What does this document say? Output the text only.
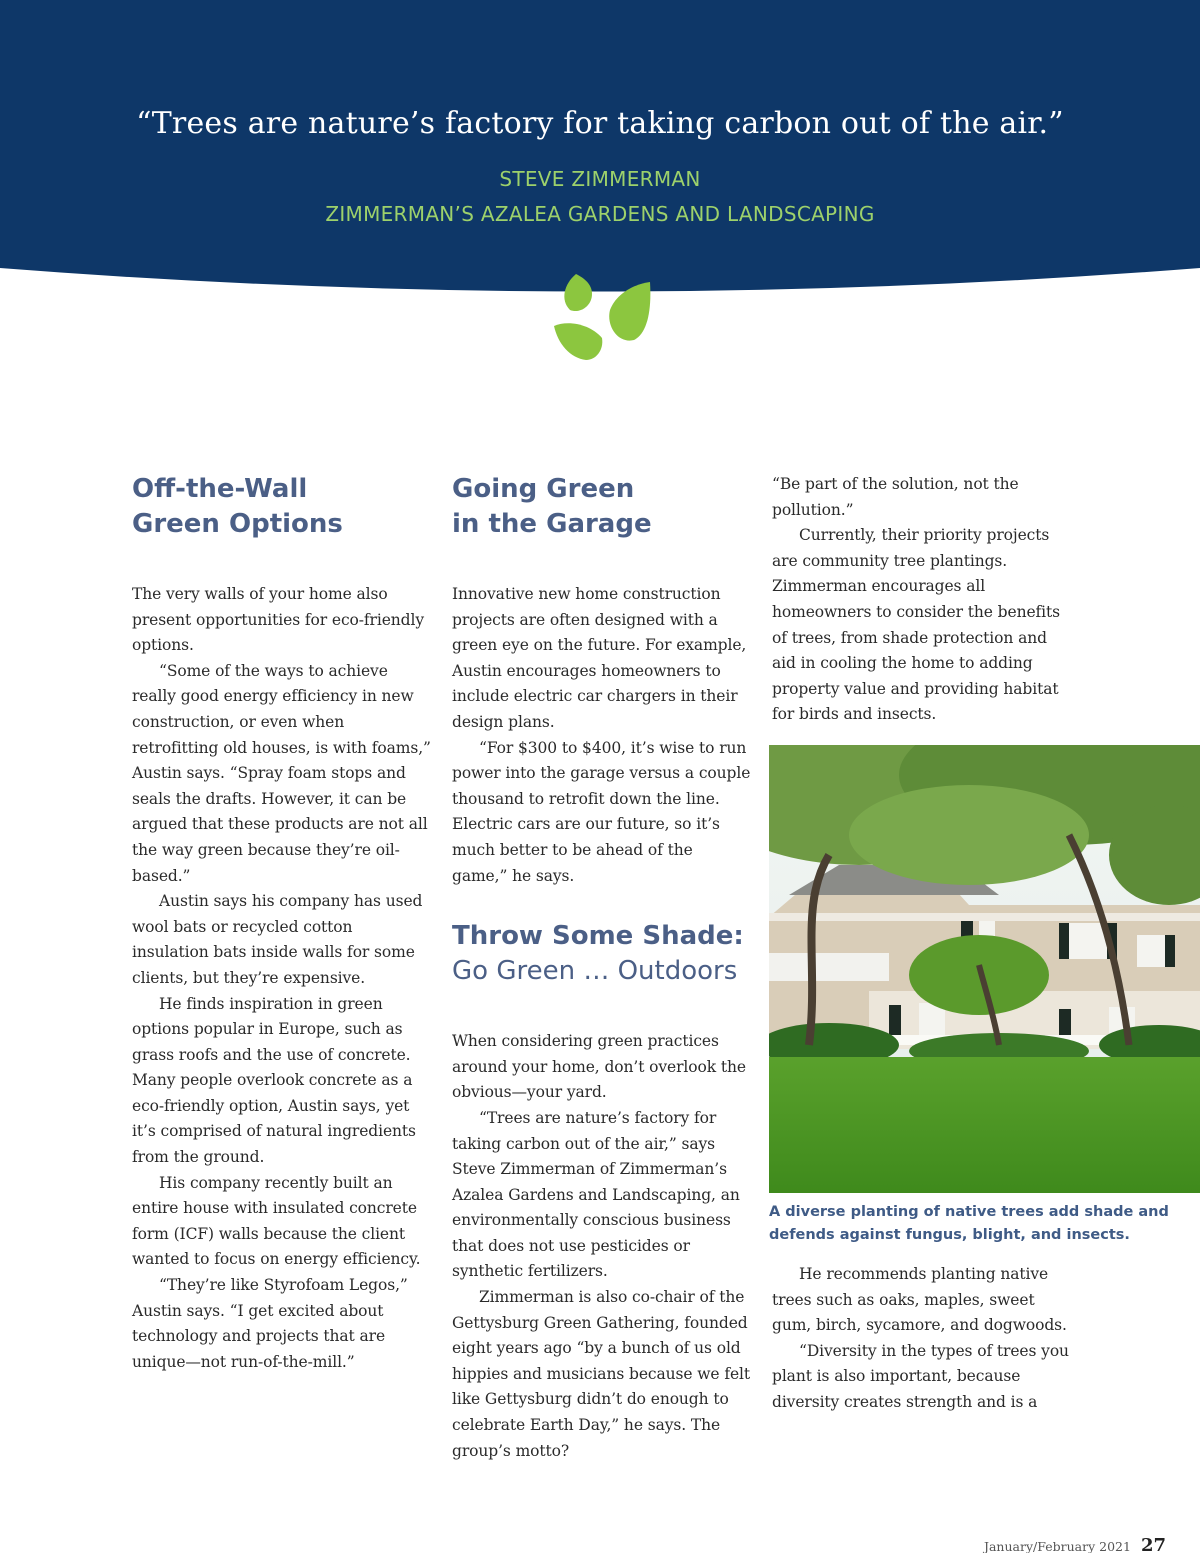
“Trees are nature’s factory for taking carbon out of the air.”
STEVE ZIMMERMAN
ZIMMERMAN’S AZALEA GARDENS AND LANDSCAPING
Off-the-Wall
Green Options

The very walls of your home also present opportunities for eco-friendly options.

“Some of the ways to achieve really good energy efficiency in new construction, or even when retrofitting old houses, is with foams,” Austin says. “Spray foam stops and seals the drafts. However, it can be argued that these products are not all the way green because they’re oil-based.”

Austin says his company has used wool bats or recycled cotton insulation bats inside walls for some clients, but they’re expensive.

He finds inspiration in green options popular in Europe, such as grass roofs and the use of concrete. Many people overlook concrete as a eco-friendly option, Austin says, yet it’s comprised of natural ingredients from the ground.

His company recently built an entire house with insulated concrete form (ICF) walls because the client wanted to focus on energy efficiency.

“They’re like Styrofoam Legos,” Austin says. “I get excited about technology and projects that are unique—not run-of-the-mill.”

Going Green
in the Garage

Innovative new home construction projects are often designed with a green eye on the future. For example, Austin encourages homeowners to include electric car chargers in their design plans.

“For $300 to $400, it’s wise to run power into the garage versus a couple thousand to retrofit down the line. Electric cars are our future, so it’s much better to be ahead of the game,” he says.

Throw Some Shade:
Go Green … Outdoors

When considering green practices around your home, don’t overlook the obvious—your yard.

“Trees are nature’s factory for taking carbon out of the air,” says Steve Zimmerman of Zimmerman’s Azalea Gardens and Landscaping, an environmentally conscious business that does not use pesticides or synthetic fertilizers.

Zimmerman is also co-chair of the Gettysburg Green Gathering, founded eight years ago “by a bunch of us old hippies and musicians because we felt like Gettysburg didn’t do enough to celebrate Earth Day,” he says. The group’s motto?

“Be part of the solution, not the pollution.”

Currently, their priority projects are community tree plantings. Zimmerman encourages all homeowners to consider the benefits of trees, from shade protection and aid in cooling the home to adding property value and providing habitat for birds and insects.

A diverse planting of native trees add shade and defends against fungus, blight, and insects.

He recommends planting native trees such as oaks, maples, sweet gum, birch, sycamore, and dogwoods.

“Diversity in the types of trees you plant is also important, because diversity creates strength and is a

January/February 2021 27
